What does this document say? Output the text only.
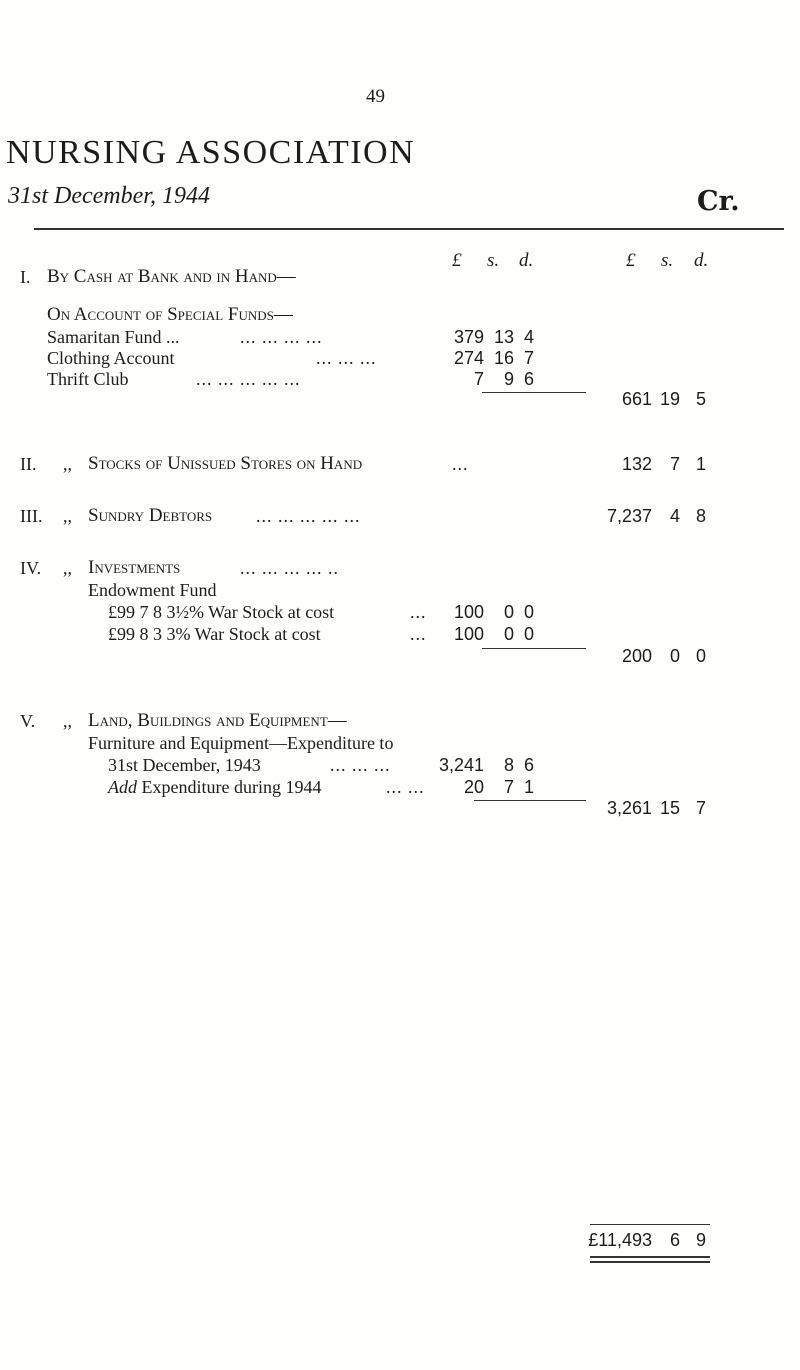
49
NURSING ASSOCIATION
31st December, 1944	Cr.
£ s. d.	£ s. d.
I. By Cash at Bank and in Hand—
On Account of Special Funds—
Samaritan Fund ...	... ... ... ...	379 13 4
Clothing Account	... ... ...	274 16 7
Thrift Club	... ... ... ... ...	7	9 6
661 19 5
II. ,, Stocks of Unissued Stores on Hand	...	132 7 1
III. ,, Sundry Debtors ... ... ... ... ...	7,237 4 8
IV. ,, Investments	... ... ... ... ..
Endowment Fund
£99 7 8 3½% War Stock at cost	...	100	0 0
£99 8 3 3% War Stock at cost	...	100	0 0
200 0 0
V. ,, Land, Buildings and Equipment—
Furniture and Equipment—Expenditure to
31st December, 1943	... ... ...	3,241	8 6
Add Expenditure during 1944	... ...	20	7 1
3,261 15 7
£11,493 6 9
